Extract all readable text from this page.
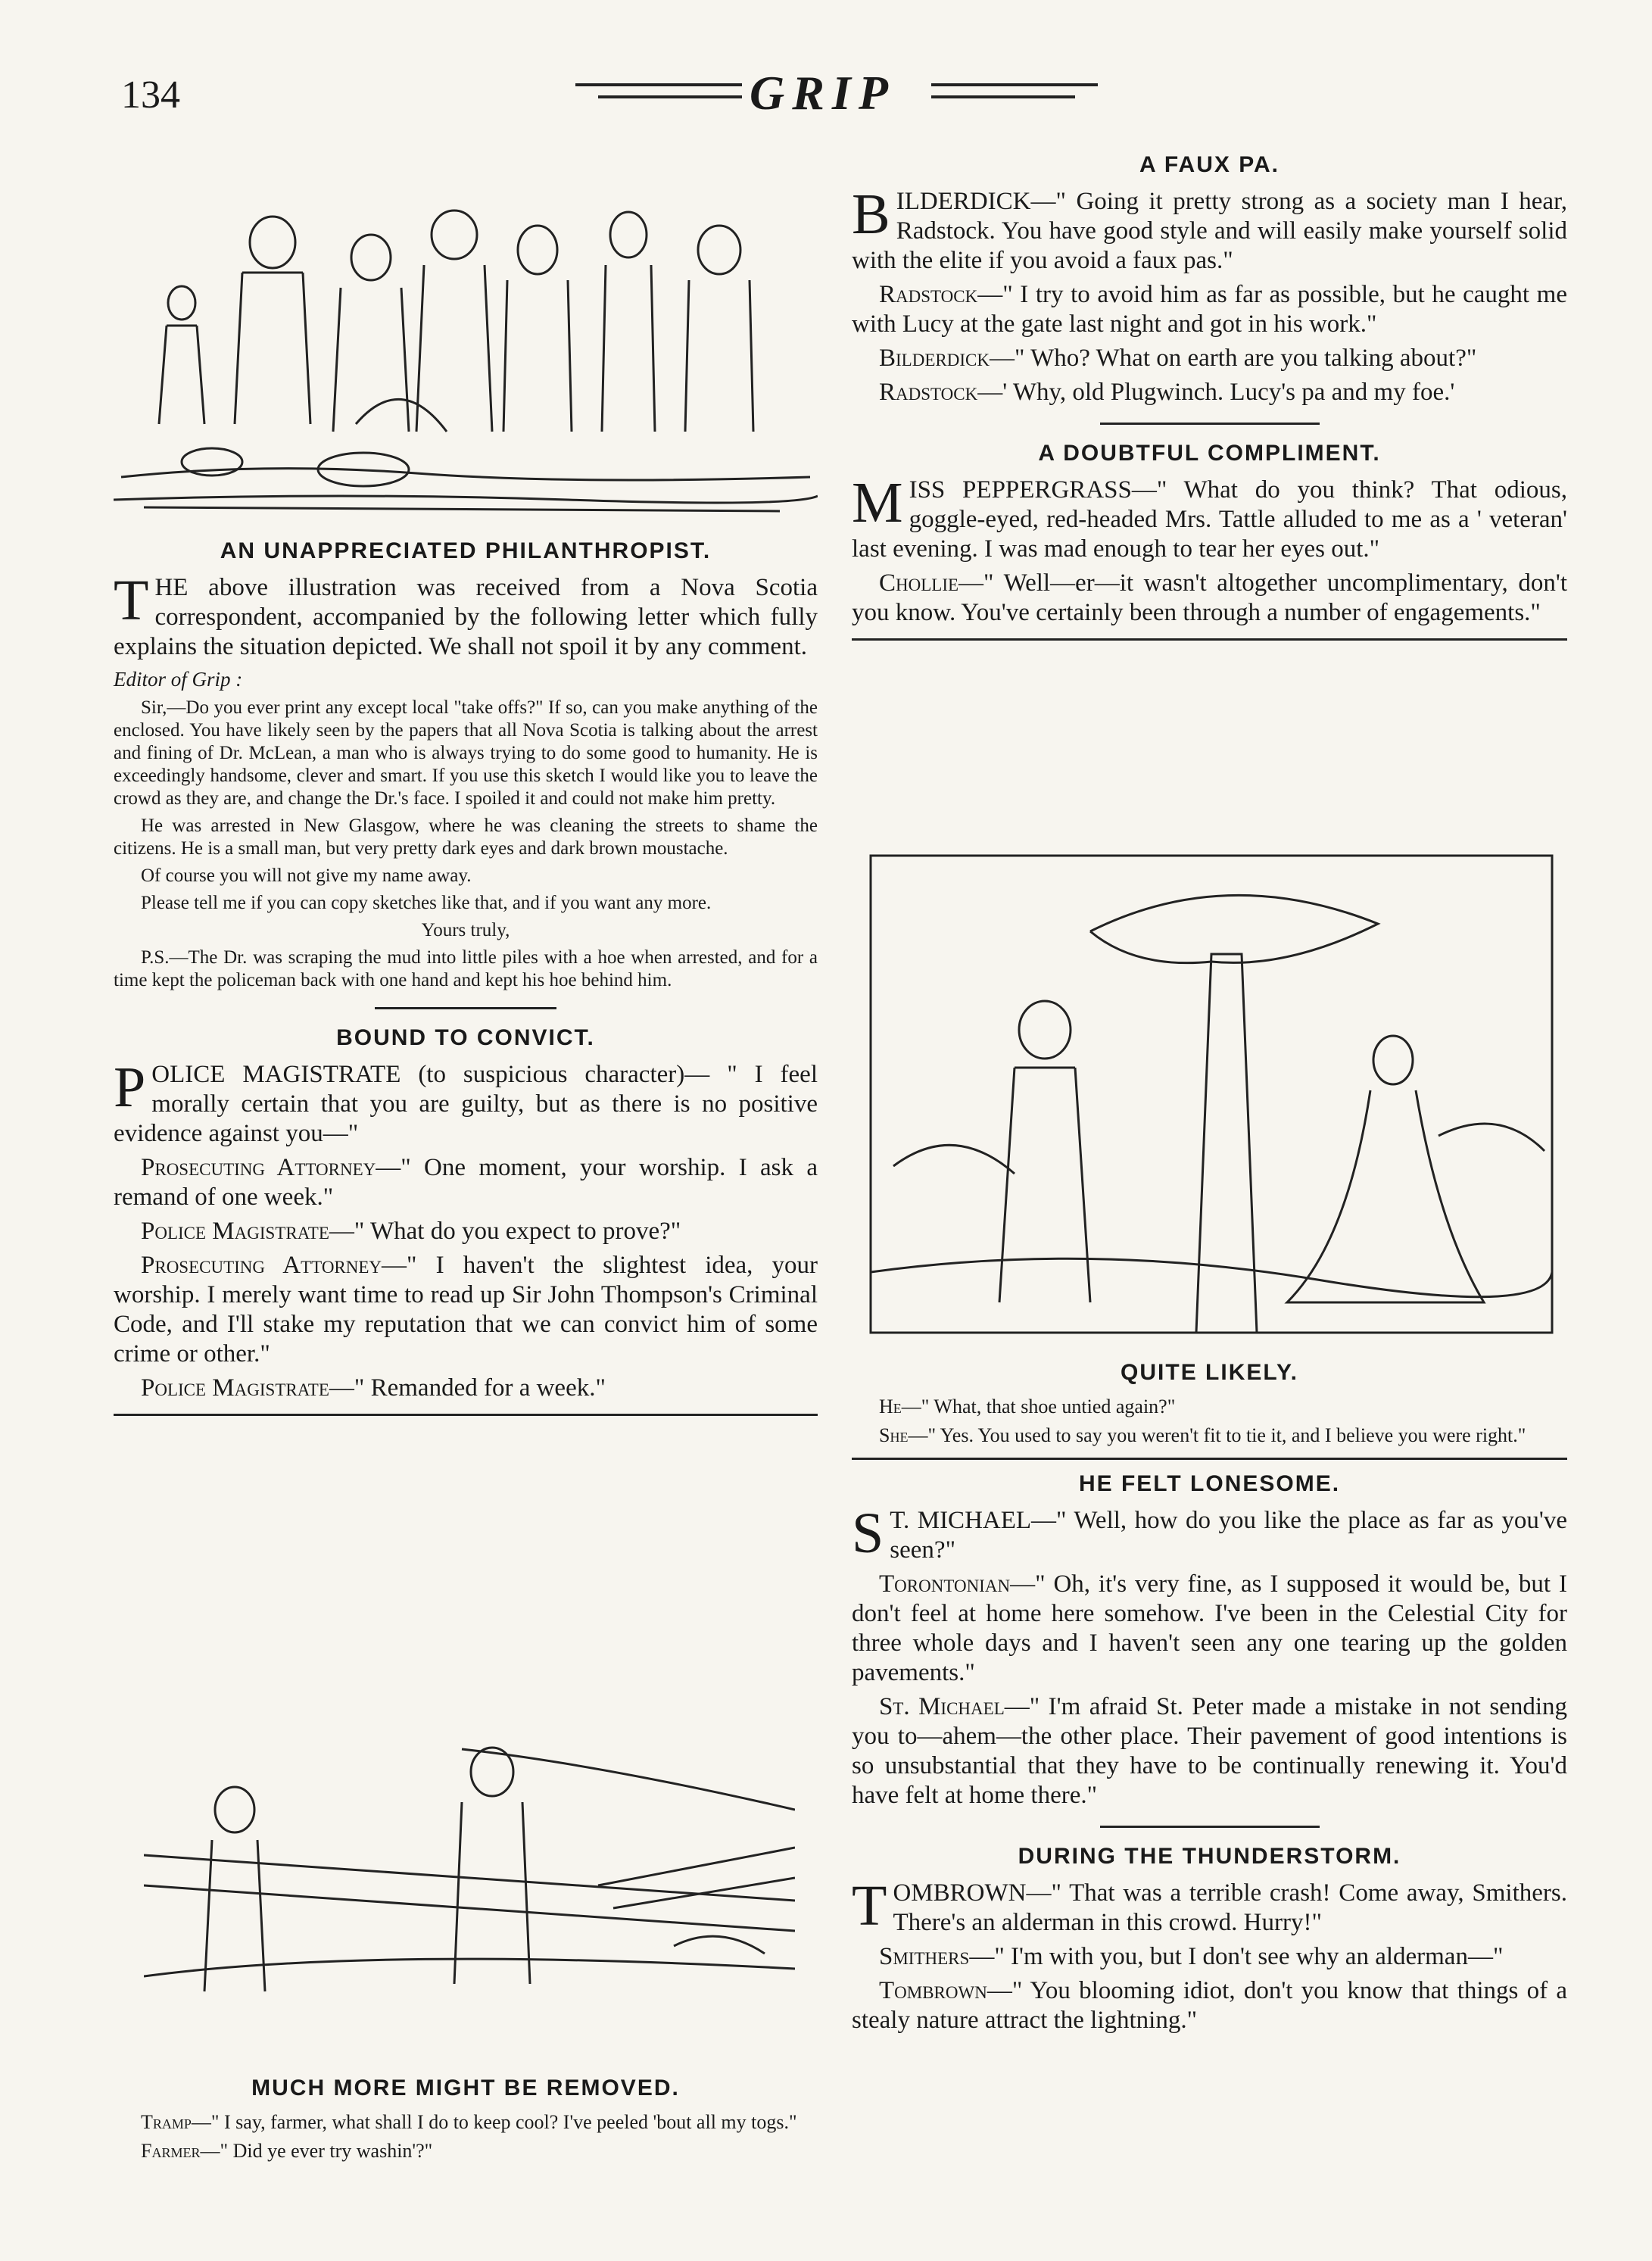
134	GRIP
AN UNAPPRECIATED PHILANTHROPIST.

THE above illustration was received from a Nova Scotia correspondent, accompanied by the following letter which fully explains the situation depicted. We shall not spoil it by any comment.

Editor of Grip :

Sir,—Do you ever print any except local "take offs?" If so, can you make anything of the enclosed. You have likely seen by the papers that all Nova Scotia is talking about the arrest and fining of Dr. McLean, a man who is always trying to do some good to humanity. He is exceedingly handsome, clever and smart. If you use this sketch I would like you to leave the crowd as they are, and change the Dr.'s face. I spoiled it and could not make him pretty.

He was arrested in New Glasgow, where he was cleaning the streets to shame the citizens. He is a small man, but very pretty dark eyes and dark brown moustache.

Of course you will not give my name away.

Please tell me if you can copy sketches like that, and if you want any more.

Yours truly,

P.S.—The Dr. was scraping the mud into little piles with a hoe when arrested, and for a time kept the policeman back with one hand and kept his hoe behind him.

BOUND TO CONVICT.

POLICE MAGISTRATE (to suspicious character)— " I feel morally certain that you are guilty, but as there is no positive evidence against you—"

Prosecuting Attorney—" One moment, your worship. I ask a remand of one week."

Police Magistrate—" What do you expect to prove?"

Prosecuting Attorney—" I haven't the slightest idea, your worship. I merely want time to read up Sir John Thompson's Criminal Code, and I'll stake my reputation that we can convict him of some crime or other."

Police Magistrate—" Remanded for a week."

MUCH MORE MIGHT BE REMOVED.

Tramp—" I say, farmer, what shall I do to keep cool? I've peeled 'bout all my togs."

Farmer—" Did ye ever try washin'?"

A FAUX PA.

BILDERDICK—" Going it pretty strong as a society man I hear, Radstock. You have good style and will easily make yourself solid with the elite if you avoid a faux pas."

Radstock—" I try to avoid him as far as possible, but he caught me with Lucy at the gate last night and got in his work."

Bilderdick—" Who? What on earth are you talking about?"

Radstock—' Why, old Plugwinch. Lucy's pa and my foe.'

A DOUBTFUL COMPLIMENT.

MISS PEPPERGRASS—" What do you think? That odious, goggle-eyed, red-headed Mrs. Tattle alluded to me as a ' veteran' last evening. I was mad enough to tear her eyes out."

Chollie—" Well—er—it wasn't altogether uncomplimentary, don't you know. You've certainly been through a number of engagements."

QUITE LIKELY.

He—" What, that shoe untied again?"

She—" Yes. You used to say you weren't fit to tie it, and I believe you were right."

HE FELT LONESOME.

S T. MICHAEL—" Well, how do you like the place as far as you've seen?"

Torontonian—" Oh, it's very fine, as I supposed it would be, but I don't feel at home here somehow. I've been in the Celestial City for three whole days and I haven't seen any one tearing up the golden pavements."

St. Michael—" I'm afraid St. Peter made a mistake in not sending you to—ahem—the other place. Their pavement of good intentions is so unsubstantial that they have to be continually renewing it. You'd have felt at home there."

DURING THE THUNDERSTORM.

TOMBROWN—" That was a terrible crash! Come away, Smithers. There's an alderman in this crowd. Hurry!"

Smithers—" I'm with you, but I don't see why an alderman—"

Tombrown—" You blooming idiot, don't you know that things of a stealy nature attract the lightning."
